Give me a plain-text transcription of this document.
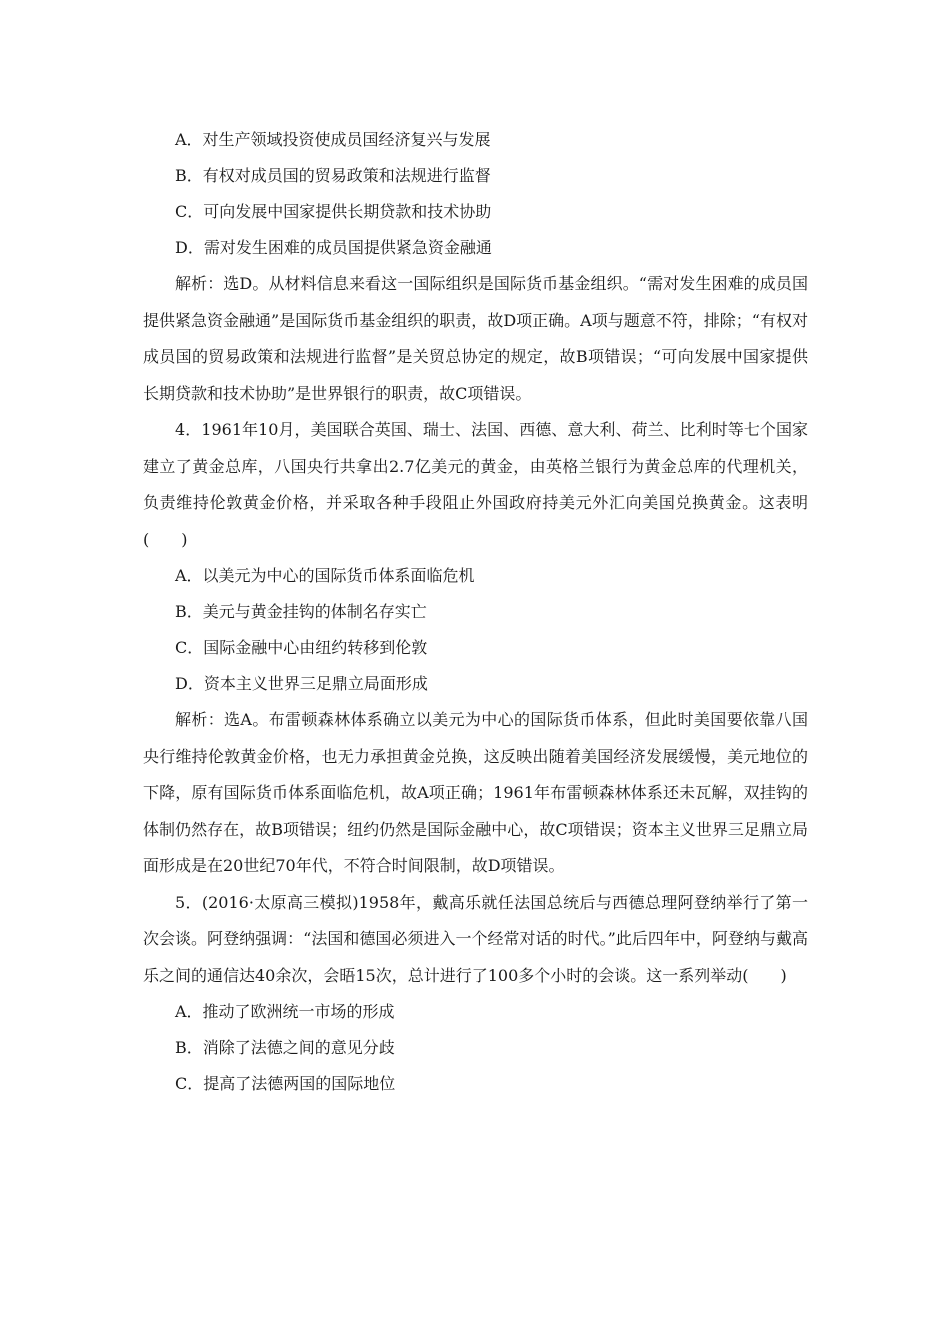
A．对生产领域投资使成员国经济复兴与发展
B．有权对成员国的贸易政策和法规进行监督
C．可向发展中国家提供长期贷款和技术协助
D．需对发生困难的成员国提供紧急资金融通
解析：选D。从材料信息来看这一国际组织是国际货币基金组织。“需对发生困难的成员国提供紧急资金融通”是国际货币基金组织的职责，故D项正确。A项与题意不符，排除；“有权对成员国的贸易政策和法规进行监督”是关贸总协定的规定，故B项错误；“可向发展中国家提供长期贷款和技术协助”是世界银行的职责，故C项错误。
4．1961年10月，美国联合英国、瑞士、法国、西德、意大利、荷兰、比利时等七个国家建立了黄金总库，八国央行共拿出2.7亿美元的黄金，由英格兰银行为黄金总库的代理机关，负责维持伦敦黄金价格，并采取各种手段阻止外国政府持美元外汇向美国兑换黄金。这表明(　　)
A．以美元为中心的国际货币体系面临危机
B．美元与黄金挂钩的体制名存实亡
C．国际金融中心由纽约转移到伦敦
D．资本主义世界三足鼎立局面形成
解析：选A。布雷顿森林体系确立以美元为中心的国际货币体系，但此时美国要依靠八国央行维持伦敦黄金价格，也无力承担黄金兑换，这反映出随着美国经济发展缓慢，美元地位的下降，原有国际货币体系面临危机，故A项正确；1961年布雷顿森林体系还未瓦解，双挂钩的体制仍然存在，故B项错误；纽约仍然是国际金融中心，故C项错误；资本主义世界三足鼎立局面形成是在20世纪70年代，不符合时间限制，故D项错误。
5．(2016·太原高三模拟)1958年，戴高乐就任法国总统后与西德总理阿登纳举行了第一次会谈。阿登纳强调：“法国和德国必须进入一个经常对话的时代。”此后四年中，阿登纳与戴高乐之间的通信达40余次，会晤15次，总计进行了100多个小时的会谈。这一系列举动(　　)
A．推动了欧洲统一市场的形成
B．消除了法德之间的意见分歧
C．提高了法德两国的国际地位
